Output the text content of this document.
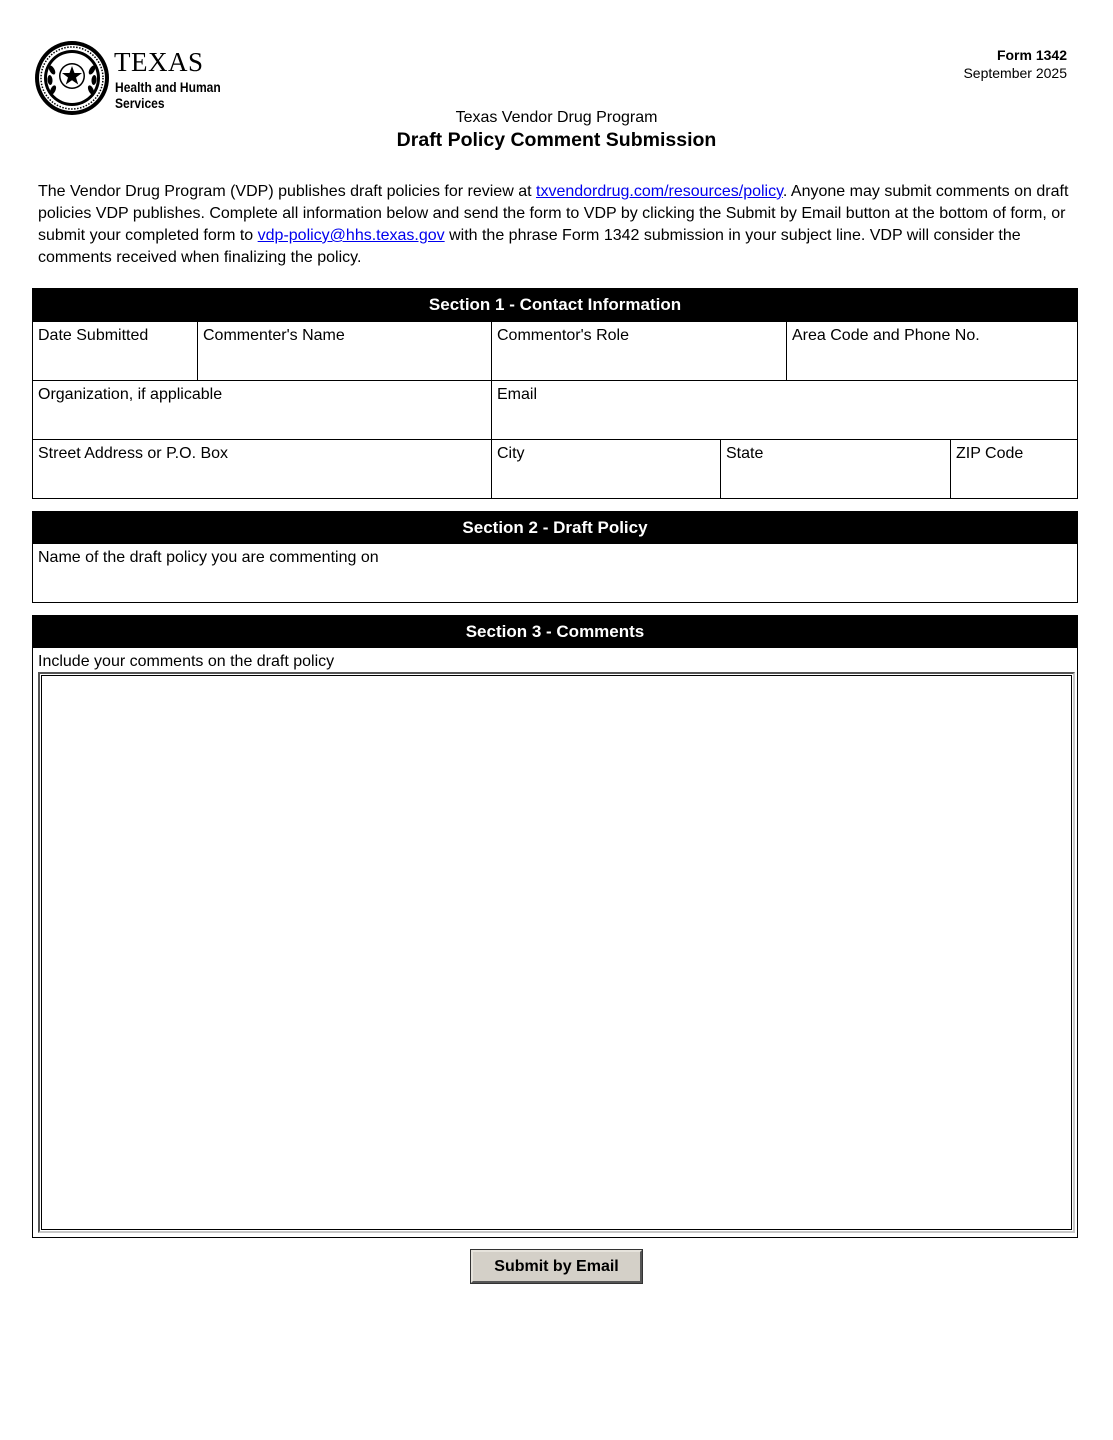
TEXAS
Health and Human
Services
Form 1342
September 2025
Texas Vendor Drug Program
Draft Policy Comment Submission
The Vendor Drug Program (VDP) publishes draft policies for review at txvendordrug.com/resources/policy. Anyone may submit comments on draft policies VDP publishes. Complete all information below and send the form to VDP by clicking the Submit by Email button at the bottom of form, or submit your completed form to vdp-policy@hhs.texas.gov with the phrase Form 1342 submission in your subject line. VDP will consider the comments received when finalizing the policy.
Section 1 - Contact Information
Date Submitted	Commenter's Name	Commentor's Role	Area Code and Phone No.
Organization, if applicable	Email
Street Address or P.O. Box	City	State	ZIP Code
Section 2 - Draft Policy
Name of the draft policy you are commenting on
Section 3 - Comments
Include your comments on the draft policy
Submit by Email
